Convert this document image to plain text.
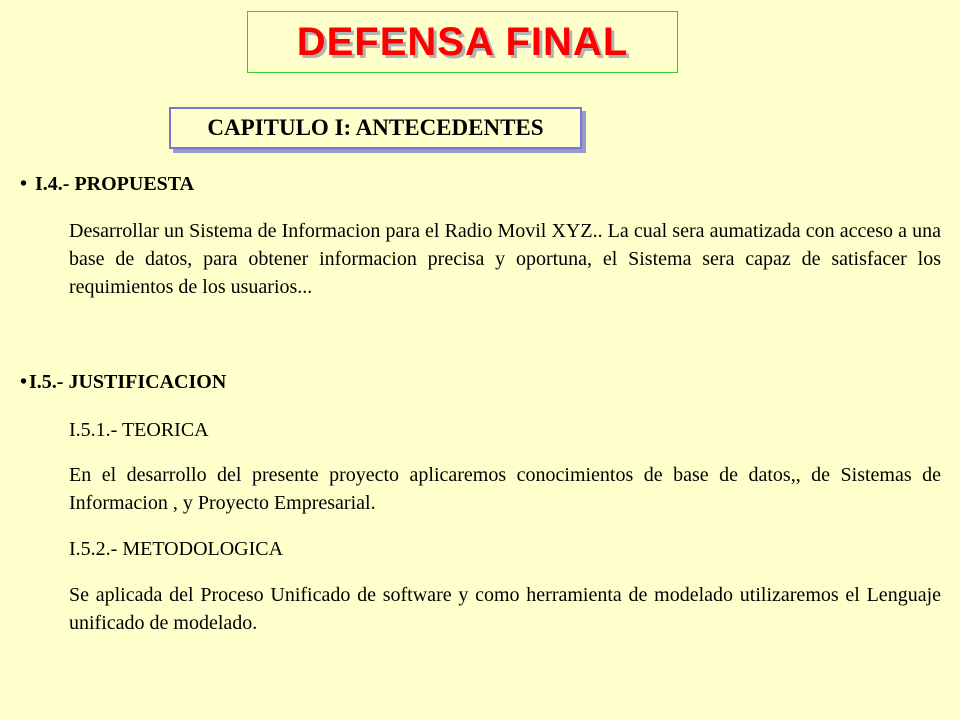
DEFENSA FINAL
CAPITULO I: ANTECEDENTES
• I.4.- PROPUESTA

Desarrollar un Sistema de Informacion para el Radio Movil XYZ.. La cual sera aumatizada con acceso a una base de datos, para obtener informacion precisa y oportuna, el Sistema sera capaz de satisfacer los requimientos de los usuarios...

• I.5.- JUSTIFICACION
I.5.1.- TEORICA

En el desarrollo del presente proyecto aplicaremos conocimientos de base de datos,, de Sistemas de Informacion , y Proyecto Empresarial.

I.5.2.- METODOLOGICA

Se aplicada del Proceso Unificado de software y como herramienta de modelado utilizaremos el Lenguaje unificado de modelado.
